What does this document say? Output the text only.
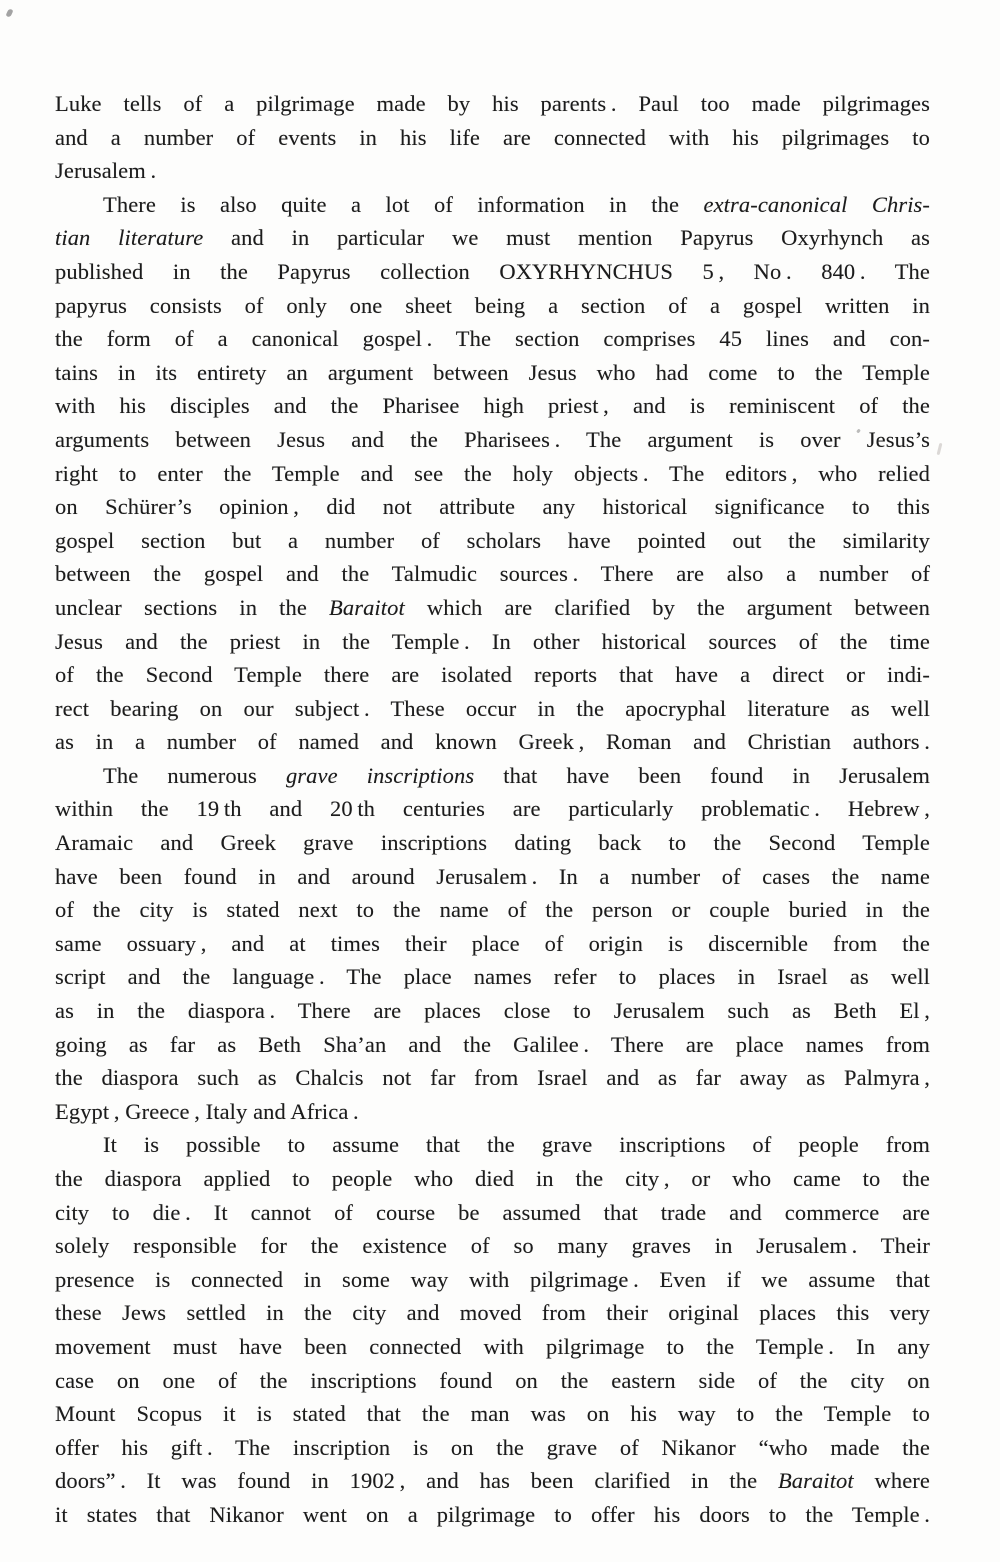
Luke tells of a pilgrimage made by his parents . Paul too made pilgrimages
and a number of events in his life are connected with his pilgrimages to
Jerusalem .
There is also quite a lot of information in the extra-canonical Chris-
tian literature and in particular we must mention Papyrus Oxyrhynch as
published in the Papyrus collection OXYRHYNCHUS 5 , No . 840 . The
papyrus consists of only one sheet being a section of a gospel written in
the form of a canonical gospel . The section comprises 45 lines and con-
tains in its entirety an argument between Jesus who had come to the Temple
with his disciples and the Pharisee high priest , and is reminiscent of the
arguments between Jesus and the Pharisees . The argument is over Jesus’s
right to enter the Temple and see the holy objects . The editors , who relied
on Schürer’s opinion , did not attribute any historical significance to this
gospel section but a number of scholars have pointed out the similarity
between the gospel and the Talmudic sources . There are also a number of
unclear sections in the Baraitot which are clarified by the argument between
Jesus and the priest in the Temple . In other historical sources of the time
of the Second Temple there are isolated reports that have a direct or indi-
rect bearing on our subject . These occur in the apocryphal literature as well
as in a number of named and known Greek , Roman and Christian authors .
The numerous grave inscriptions that have been found in Jerusalem
within the 19 th and 20 th centuries are particularly problematic . Hebrew ,
Aramaic and Greek grave inscriptions dating back to the Second Temple
have been found in and around Jerusalem . In a number of cases the name
of the city is stated next to the name of the person or couple buried in the
same ossuary , and at times their place of origin is discernible from the
script and the language . The place names refer to places in Israel as well
as in the diaspora . There are places close to Jerusalem such as Beth El ,
going as far as Beth Sha’an and the Galilee . There are place names from
the diaspora such as Chalcis not far from Israel and as far away as Palmyra ,
Egypt , Greece , Italy and Africa .
It is possible to assume that the grave inscriptions of people from
the diaspora applied to people who died in the city , or who came to the
city to die . It cannot of course be assumed that trade and commerce are
solely responsible for the existence of so many graves in Jerusalem . Their
presence is connected in some way with pilgrimage . Even if we assume that
these Jews settled in the city and moved from their original places this very
movement must have been connected with pilgrimage to the Temple . In any
case on one of the inscriptions found on the eastern side of the city on
Mount Scopus it is stated that the man was on his way to the Temple to
offer his gift . The inscription is on the grave of Nikanor “who made the
doors” . It was found in 1902 , and has been clarified in the Baraitot where
it states that Nikanor went on a pilgrimage to offer his doors to the Temple .
